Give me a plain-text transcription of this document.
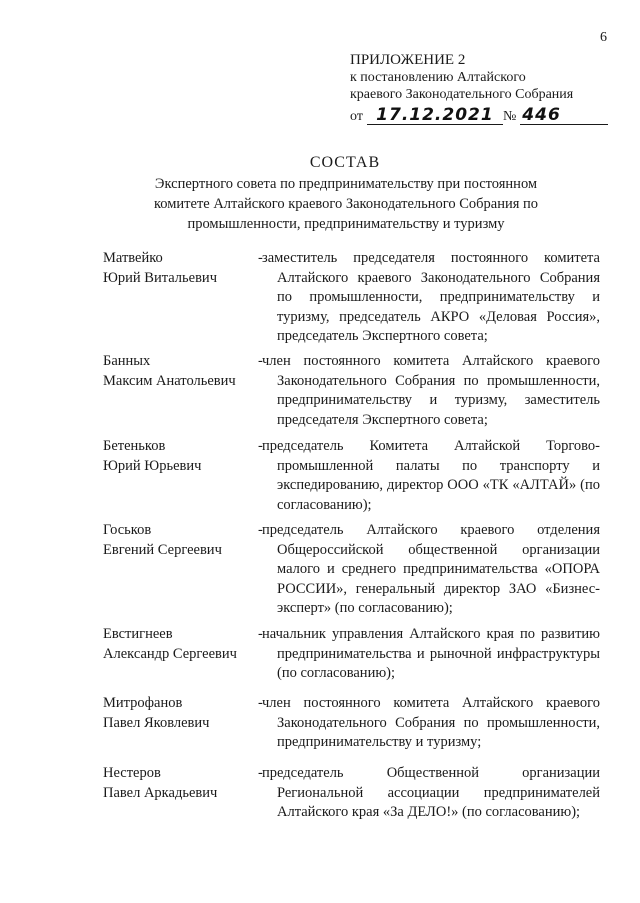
6
ПРИЛОЖЕНИЕ 2
к постановлению Алтайского
краевого Законодательного Собрания
от 17.12.2021 № 446
СОСТАВ
Экспертного совета по предпринимательству при постоянном
комитете Алтайского краевого Законодательного Собрания по
промышленности, предпринимательству и туризму
Матвейко
Юрий Витальевич
- заместитель председателя постоянного комитета Алтайского краевого Законодательного Собрания по промышленности, предпринимательству и туризму, председатель АКРО «Деловая Россия», председатель Экспертного совета;
Банных
Максим Анатольевич
- член постоянного комитета Алтайского краевого Законодательного Собрания по промышленности, предпринимательству и туризму, заместитель председателя Экспертного совета;
Бетеньков
Юрий Юрьевич
- председатель Комитета Алтайской Торгово-промышленной палаты по транспорту и экспедированию, директор ООО «ТК «АЛТАЙ» (по согласованию);
Госьков
Евгений Сергеевич
- председатель Алтайского краевого отделения Общероссийской общественной организации малого и среднего предпринимательства «ОПОРА РОССИИ», генеральный директор ЗАО «Бизнес-эксперт» (по согласованию);
Евстигнеев
Александр Сергеевич
- начальник управления Алтайского края по развитию предпринимательства и рыночной инфраструктуры (по согласованию);
Митрофанов
Павел Яковлевич
- член постоянного комитета Алтайского краевого Законодательного Собрания по промышленности, предпринимательству и туризму;
Нестеров
Павел Аркадьевич
- председатель Общественной организации Региональной ассоциации предпринимателей Алтайского края «За ДЕЛО!» (по согласованию);
